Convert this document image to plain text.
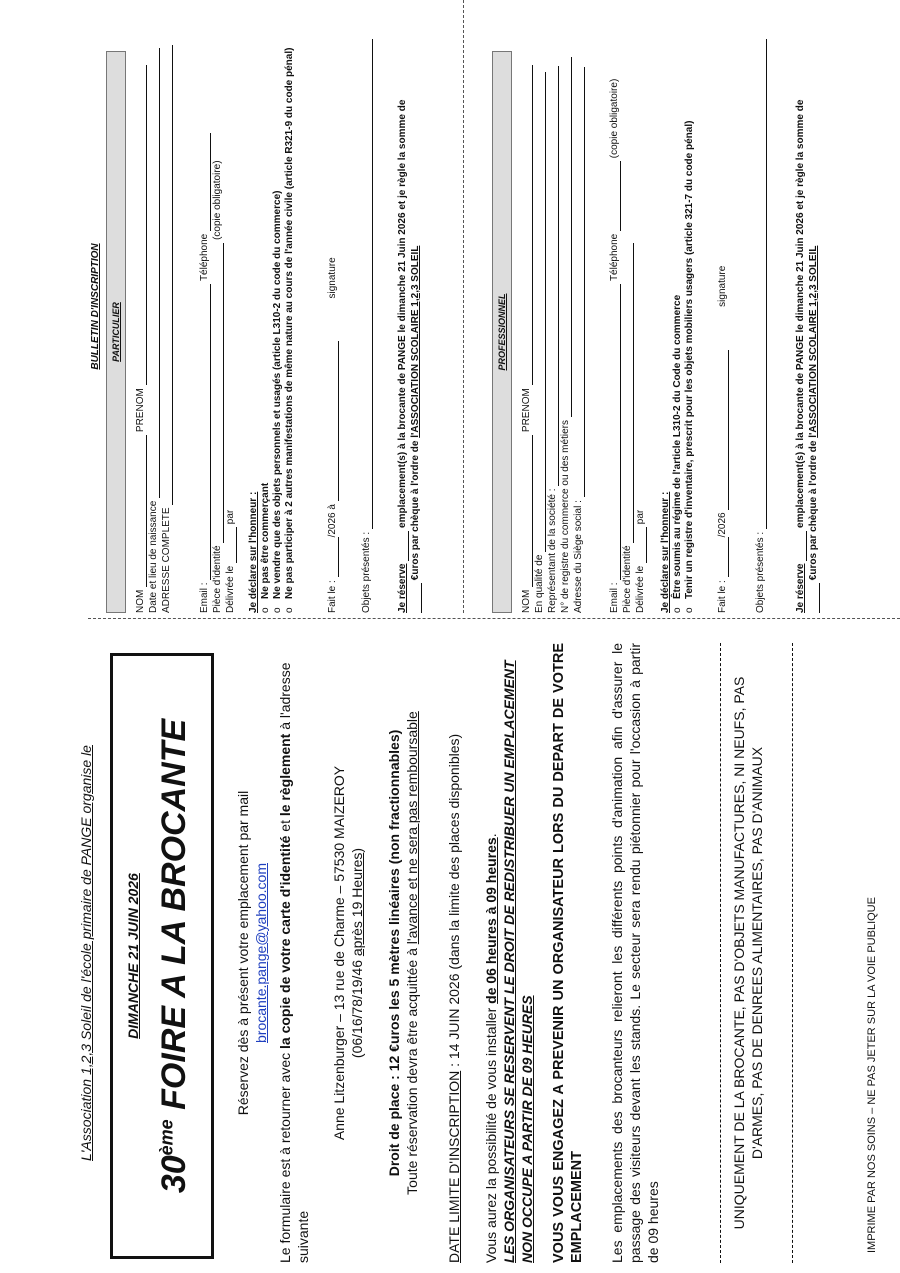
L'Association 1,2,3 Soleil de l'école primaire de PANGE organise le DIMANCHE 21 JUIN 2026
30ème FOIRE A LA BROCANTE	Réservez dès à présent votre emplacement par mail brocante.pange@yahoo.com
Le formulaire est à retourner avec la copie de votre carte d'identité et le règlement à l'adresse suivante
Anne Litzenburger – 13 rue de Charme – 57530 MAIZEROY (06/16/78/19/46 après 19 Heures) Droit de place : 12 €uros les 5 mètres linéaires (non fractionnables) Toute réservation devra être acquittée à l'avance et ne sera pas remboursable
DATE LIMITE D'INSCRIPTION : 14 JUIN 2026 (dans la limite des places disponibles)
Vous aurez la possibilité de vous installer de 06 heures à 09 heures. LES ORGANISATEURS SE RESERVENT LE DROIT DE REDISTRIBUER UN EMPLACEMENT NON OCCUPE A PARTIR DE 09 HEURES VOUS VOUS ENGAGEZ A PREVENIR UN ORGANISATEUR LORS DU DEPART DE VOTRE EMPLACEMENT Les emplacements des brocanteurs relieront les différents points d'animation afin d'assurer le passage des visiteurs devant les stands. Le secteur sera rendu piétonnier pour l'occasion à partir de 09 heures	UNIQUEMENT DE LA BROCANTE, PAS D'OBJETS MANUFACTURES, NI NEUFS, PAS D'ARMES, PAS DE DENREES ALIMENTAIRES, PAS D'ANIMAUX	IMPRIME PAR NOS SOINS – NE PAS JETER SUR LA VOIE PUBLIQUE
BULLETIN D'INSCRIPTION	PARTICULIER
NOM  PRENOM
Date et lieu de naissance ADRESSE COMPLETE	Email :  Téléphone
Pièce d'identité  (copie obligatoire)
Délivrée le  par Je déclare sur l'honneur : o Ne pas être commerçant o Ne vendre que des objets personnels et usagés (article L310-2 du code du commerce) o Ne pas participer à 2 autres manifestations de même nature au cours de l'année civile (article R321-9 du code pénal)	Fait le : /2026 à  signature
Objets présentés :	Je réserve  emplacement(s) à la brocante de PANGE le dimanche 21 Juin 2026 et je règle la somme de €uros par chèque à l'ordre de l'ASSOCIATION SCOLAIRE 1,2,3 SOLEIL	PROFESSIONNEL
NOM  PRENOM
En qualité de Représentant de la société : N° de registre du commerce ou des métiers Adresse du Siège social :	Email :  Téléphone  (copie obligatoire)
Pièce d'identité Délivrée le  par Je déclare sur l'honneur : o Être soumis au régime de l'article L310-2 du Code du commerce o Tenir un registre d'inventaire, prescrit pour les objets mobiliers usagers (article 321-7 du code pénal) Fait le : /2026  signature
Objets présentés :	Je réserve  emplacement(s) à la brocante de PANGE le dimanche 21 Juin 2026 et je règle la somme de €uros par chèque à l'ordre de l'ASSOCIATION SCOLAIRE 1,2,3 SOLEIL
